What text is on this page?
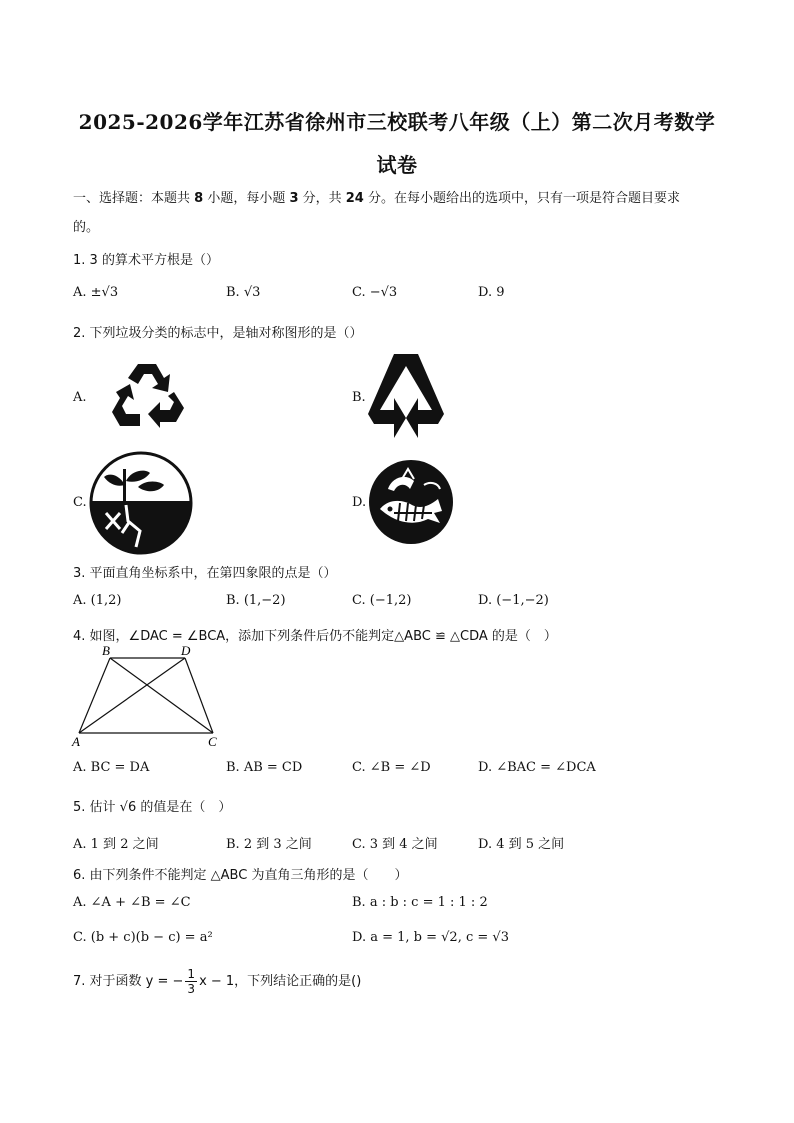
2025-2026学年江苏省徐州市三校联考八年级（上）第二次月考数学
试卷
一、选择题：本题共 8 小题，每小题 3 分，共 24 分。在每小题给出的选项中，只有一项是符合题目要求
的。
1. 3 的算术平方根是（）
A. ±√3	B. √3	C. −√3	D. 9
2. 下列垃圾分类的标志中，是轴对称图形的是（）
A.	B.
C.	D.
3. 平面直角坐标系中，在第四象限的点是（）
A. (1,2)	B. (1,−2)	C. (−1,2)	D. (−1,−2)
4. 如图，∠DAC = ∠BCA，添加下列条件后仍不能判定△ABC ≌ △CDA 的是（　）
B	D
A	C
A. BC = DA	B. AB = CD	C. ∠B = ∠D	D. ∠BAC = ∠DCA
5. 估计 √6 的值是在（　）
A. 1 到 2 之间	B. 2 到 3 之间	C. 3 到 4 之间	D. 4 到 5 之间
6. 由下列条件不能判定 △ABC 为直角三角形的是（　　）
A. ∠A + ∠B = ∠C	B. a : b : c = 1 : 1 : 2
C. (b + c)(b − c) = a²	D. a = 1, b = √2, c = √3
7. 对于函数 y = − $\frac{1}{3}$ x − 1，下列结论正确的是()
